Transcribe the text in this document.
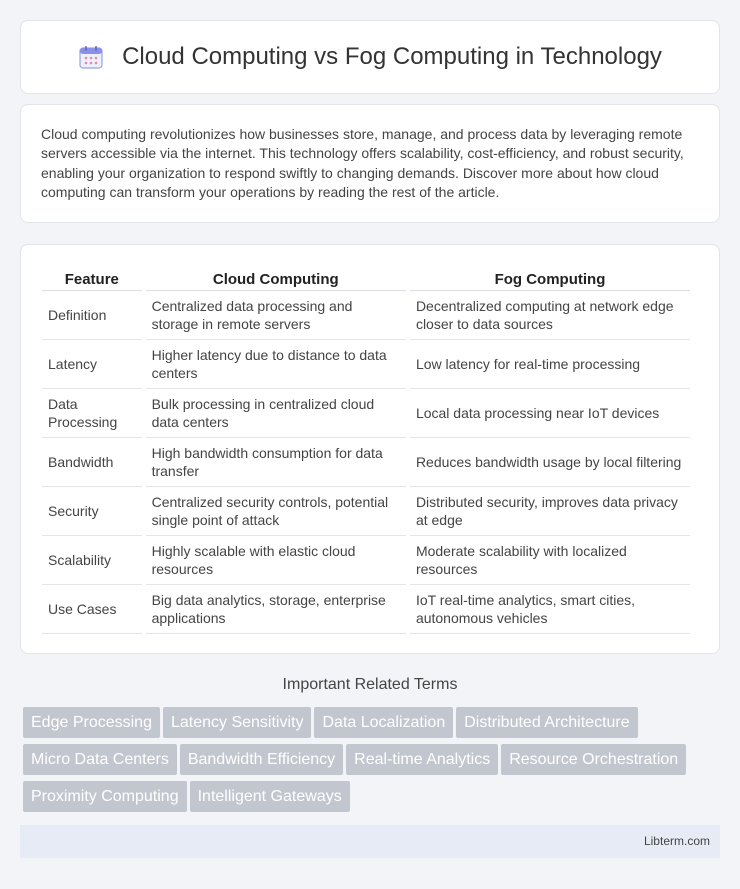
Cloud Computing vs Fog Computing in Technology

Cloud computing revolutionizes how businesses store, manage, and process data by leveraging remote servers accessible via the internet. This technology offers scalability, cost-efficiency, and robust security, enabling your organization to respond swiftly to changing demands. Discover more about how cloud computing can transform your operations by reading the rest of the article.

Feature	Cloud Computing	Fog Computing
Definition	Centralized data processing and storage in remote servers	Decentralized computing at network edge closer to data sources
Latency	Higher latency due to distance to data centers	Low latency for real-time processing
Data Processing	Bulk processing in centralized cloud data centers	Local data processing near IoT devices
Bandwidth	High bandwidth consumption for data transfer	Reduces bandwidth usage by local filtering
Security	Centralized security controls, potential single point of attack	Distributed security, improves data privacy at edge
Scalability	Highly scalable with elastic cloud resources	Moderate scalability with localized resources
Use Cases	Big data analytics, storage, enterprise applications	IoT real-time analytics, smart cities, autonomous vehicles
Important Related Terms
Edge Processing Latency Sensitivity Data Localization Distributed Architecture
Micro Data Centers Bandwidth Efficiency Real-time Analytics Resource Orchestration
Proximity Computing Intelligent Gateways
Libterm.com
